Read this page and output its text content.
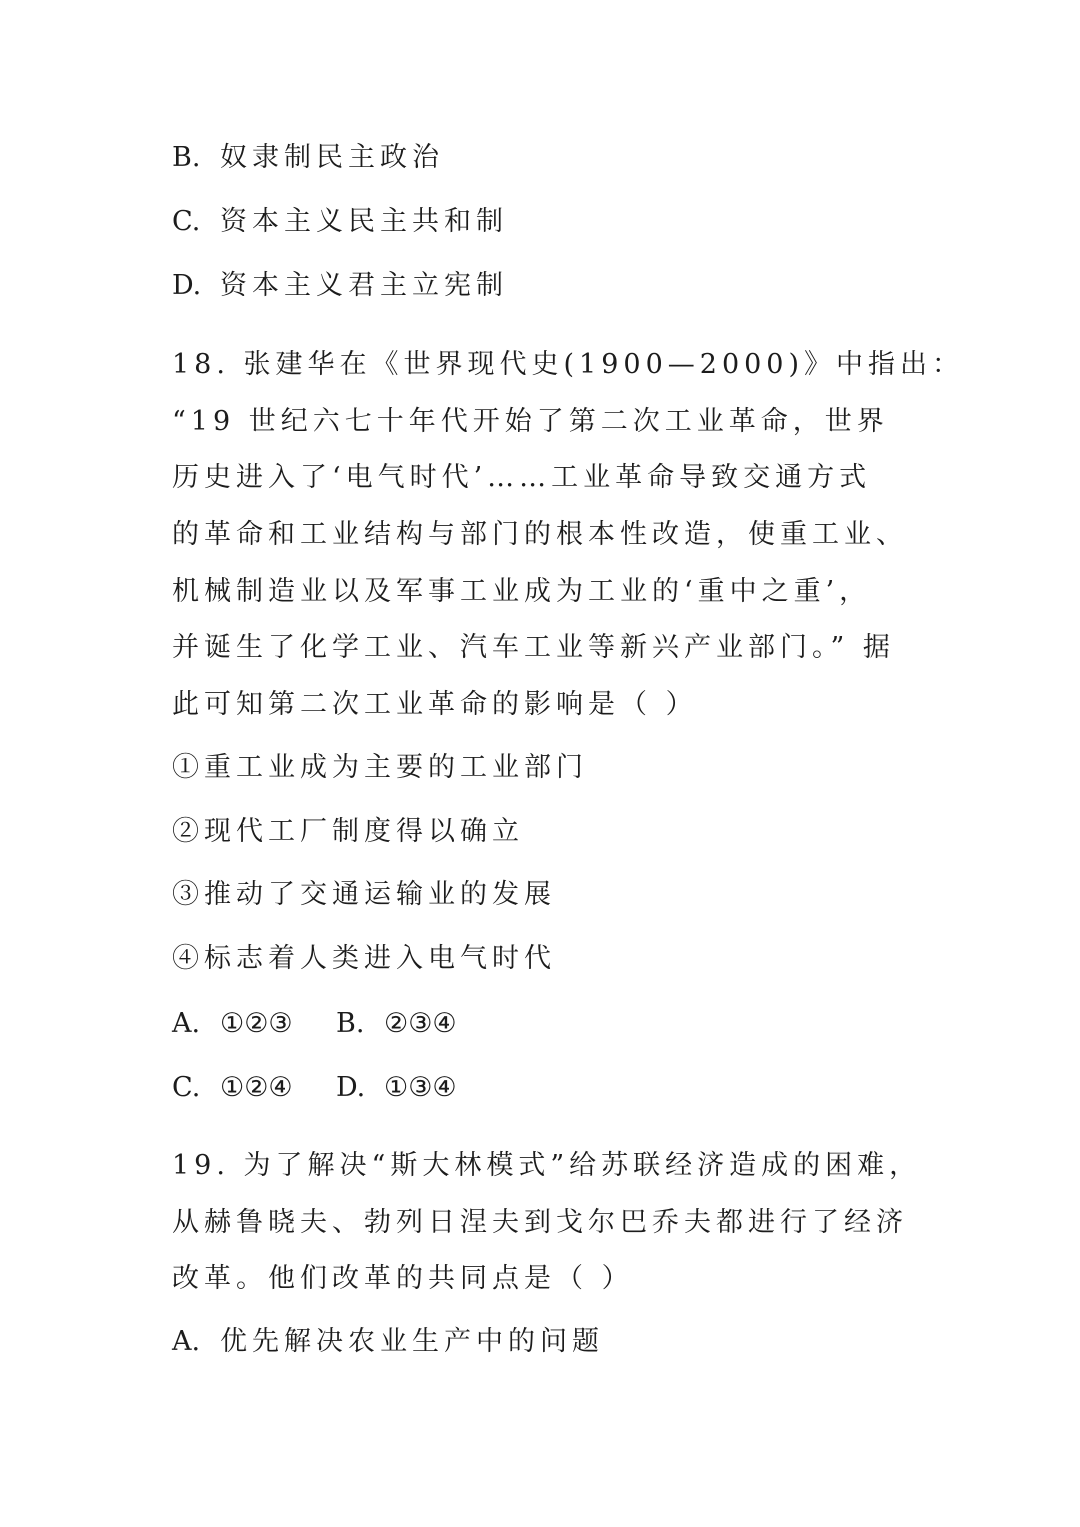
B. 奴隶制民主政治
C. 资本主义民主共和制
D. 资本主义君主立宪制
18. 张建华在《世界现代史(1900—2000)》中指出：
“19 世纪六七十年代开始了第二次工业革命，世界
历史进入了‘电气时代’……工业革命导致交通方式
的革命和工业结构与部门的根本性改造，使重工业、
机械制造业以及军事工业成为工业的‘重中之重’，
并诞生了化学工业、汽车工业等新兴产业部门。” 据
此可知第二次工业革命的影响是（ ）
①重工业成为主要的工业部门
②现代工厂制度得以确立
③推动了交通运输业的发展
④标志着人类进入电气时代
A. ①②③ B. ②③④
C. ①②④ D. ①③④
19. 为了解决“斯大林模式”给苏联经济造成的困难，
从赫鲁晓夫、勃列日涅夫到戈尔巴乔夫都进行了经济
改革。他们改革的共同点是（ ）
A. 优先解决农业生产中的问题
